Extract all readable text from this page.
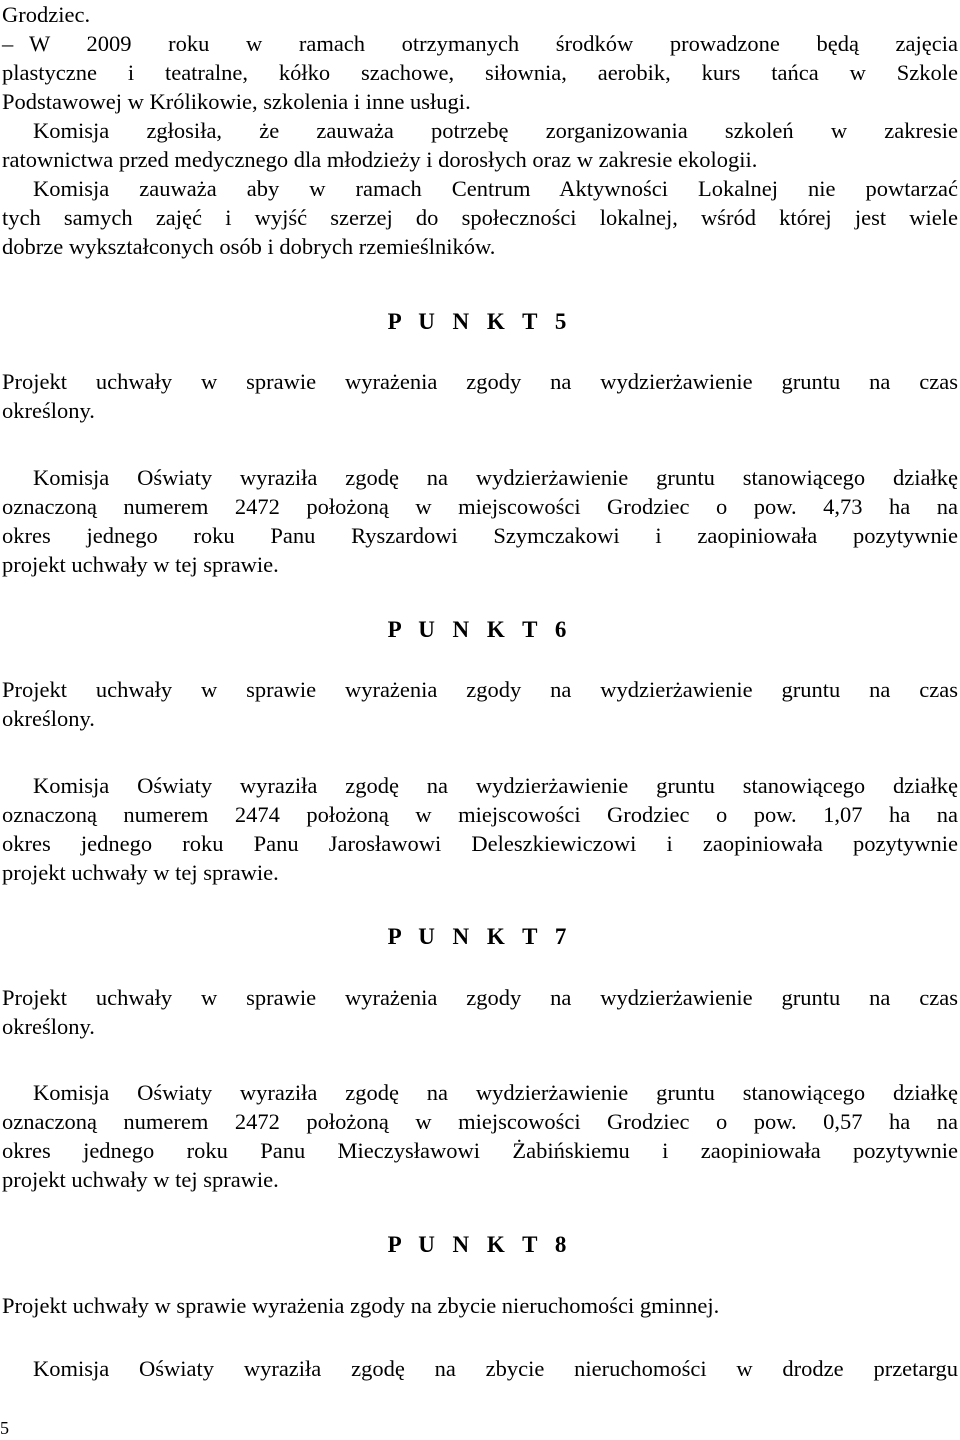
Grodziec.
– W 2009 roku w ramach otrzymanych środków prowadzone będą zajęcia
plastyczne i teatralne, kółko szachowe, siłownia, aerobik, kurs tańca w Szkole
Podstawowej w Królikowie, szkolenia i inne usługi.
Komisja zgłosiła, że zauważa potrzebę zorganizowania szkoleń w zakresie
ratownictwa przed medycznego dla młodzieży i dorosłych oraz w zakresie ekologii.
Komisja zauważa aby w ramach Centrum Aktywności Lokalnej nie powtarzać
tych samych zajęć i wyjść szerzej do społeczności lokalnej, wśród której jest wiele
dobrze wykształconych osób i dobrych rzemieślników.
P U N K T 5
Projekt uchwały w sprawie wyrażenia zgody na wydzierżawienie gruntu na czas
określony.
Komisja Oświaty wyraziła zgodę na wydzierżawienie gruntu stanowiącego działkę
oznaczoną numerem 2472 położoną w miejscowości Grodziec o pow. 4,73 ha na
okres jednego roku Panu Ryszardowi Szymczakowi i zaopiniowała pozytywnie
projekt uchwały w tej sprawie.
P U N K T 6
Projekt uchwały w sprawie wyrażenia zgody na wydzierżawienie gruntu na czas
określony.
Komisja Oświaty wyraziła zgodę na wydzierżawienie gruntu stanowiącego działkę
oznaczoną numerem 2474 położoną w miejscowości Grodziec o pow. 1,07 ha na
okres jednego roku Panu Jarosławowi Deleszkiewiczowi i zaopiniowała pozytywnie
projekt uchwały w tej sprawie.
P U N K T 7
Projekt uchwały w sprawie wyrażenia zgody na wydzierżawienie gruntu na czas
określony.
Komisja Oświaty wyraziła zgodę na wydzierżawienie gruntu stanowiącego działkę
oznaczoną numerem 2472 położoną w miejscowości Grodziec o pow. 0,57 ha na
okres jednego roku Panu Mieczysławowi Żabińskiemu i zaopiniowała pozytywnie
projekt uchwały w tej sprawie.
P U N K T 8
Projekt uchwały w sprawie wyrażenia zgody na zbycie nieruchomości gminnej.
Komisja Oświaty wyraziła zgodę na zbycie nieruchomości w drodze przetargu
5
